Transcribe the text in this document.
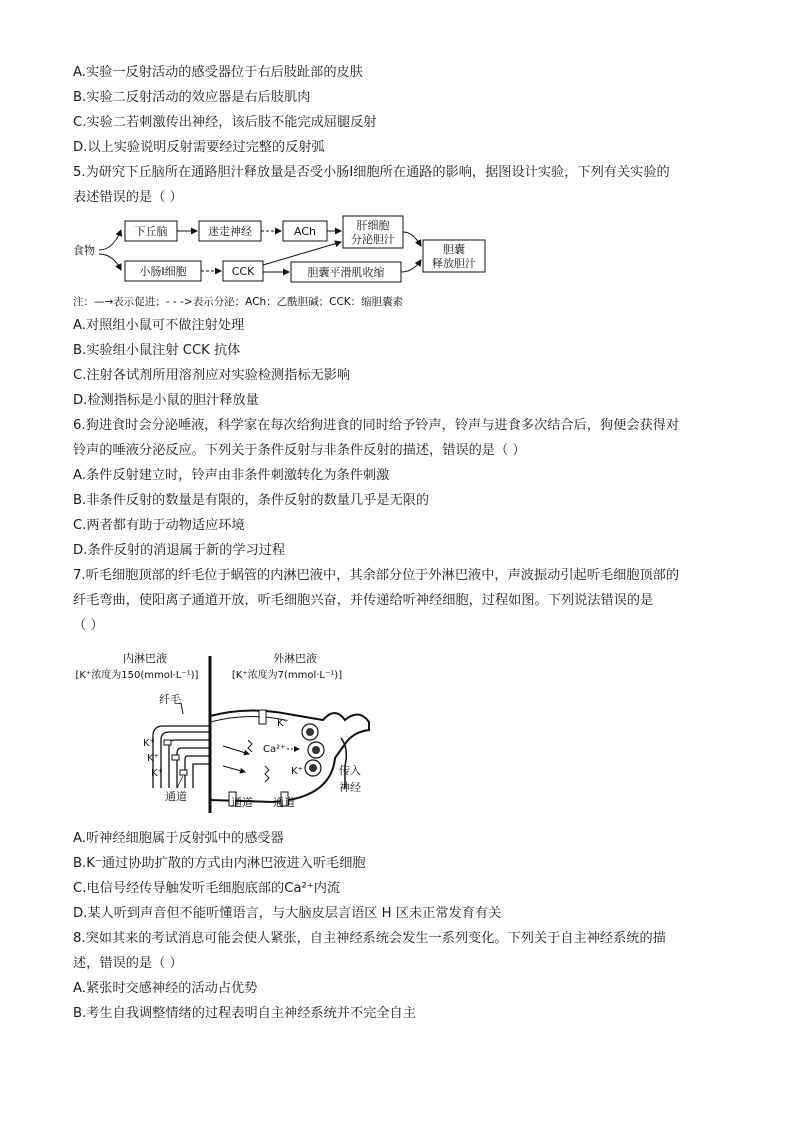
A.实验一反射活动的感受器位于右后肢趾部的皮肤
B.实验二反射活动的效应器是右后肢肌肉
C.实验二若刺激传出神经，该后肢不能完成屈腿反射
D.以上实验说明反射需要经过完整的反射弧
5.为研究下丘脑所在通路胆汁释放量是否受小肠Ⅰ细胞所在通路的影响，据图设计实验，下列有关实验的
表述错误的是（ ）
食物
下丘脑	迷走神经	ACh	肝细胞
分泌胆汁
小肠Ⅰ细胞	CCK	胆囊平滑肌收缩
胆囊
释放胆汁
注：—→表示促进；- - ->表示分泌；ACh：乙酰胆碱；CCK：缩胆囊素
A.对照组小鼠可不做注射处理
B.实验组小鼠注射 CCK 抗体
C.注射各试剂所用溶剂应对实验检测指标无影响
D.检测指标是小鼠的胆汁释放量
6.狗进食时会分泌唾液，科学家在每次给狗进食的同时给予铃声，铃声与进食多次结合后，狗便会获得对
铃声的唾液分泌反应。下列关于条件反射与非条件反射的描述，错误的是（ ）
A.条件反射建立时，铃声由非条件刺激转化为条件刺激
B.非条件反射的数量是有限的，条件反射的数量几乎是无限的
C.两者都有助于动物适应环境
D.条件反射的消退属于新的学习过程
7.听毛细胞顶部的纤毛位于蜗管的内淋巴液中，其余部分位于外淋巴液中，声波振动引起听毛细胞顶部的
纤毛弯曲，使阳离子通道开放，听毛细胞兴奋，并传递给听神经细胞，过程如图。下列说法错误的是
（ ）
内淋巴液
[K⁺浓度为150(mmol·L⁻¹)]
外淋巴液
[K⁺浓度为7(mmol·L⁻¹)]
纤毛
K⁺
K⁺
K⁺
通道	通道 通道
K⁺
Ca²⁺
K⁺	传入
神经
A.听神经细胞属于反射弧中的感受器
B.K⁻通过协助扩散的方式由内淋巴液进入听毛细胞
C.电信号经传导触发听毛细胞底部的Ca²⁺内流
D.某人听到声音但不能听懂语言，与大脑皮层言语区 H 区未正常发育有关
8.突如其来的考试消息可能会使人紧张，自主神经系统会发生一系列变化。下列关于自主神经系统的描
述，错误的是（ ）
A.紧张时交感神经的活动占优势
B.考生自我调整情绪的过程表明自主神经系统并不完全自主
